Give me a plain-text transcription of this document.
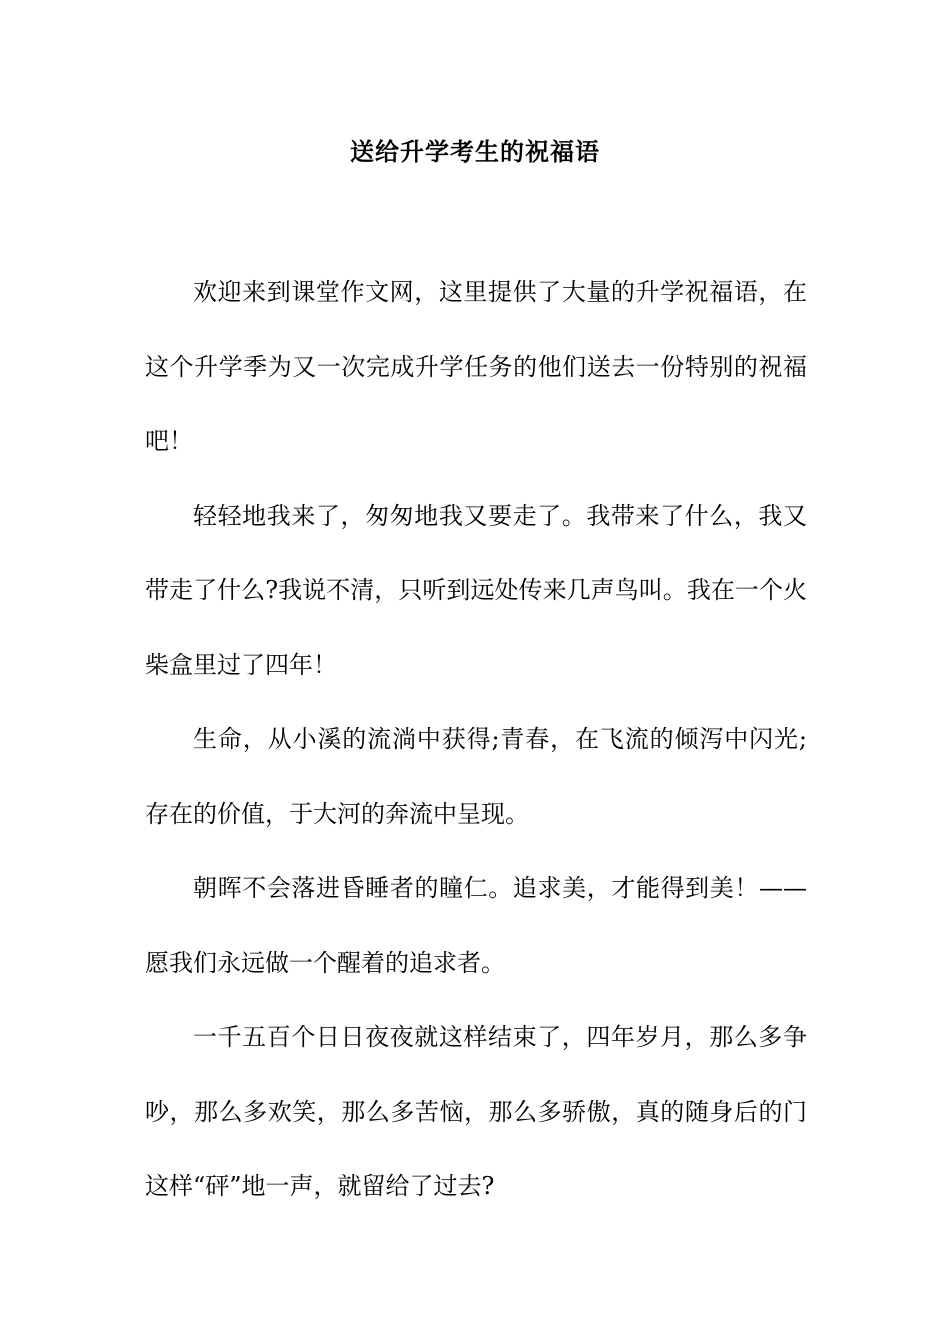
送给升学考生的祝福语

欢迎来到课堂作文网，这里提供了大量的升学祝福语，在这个升学季为又一次完成升学任务的他们送去一份特别的祝福吧！

轻轻地我来了，匆匆地我又要走了。我带来了什么，我又带走了什么?我说不清，只听到远处传来几声鸟叫。我在一个火柴盒里过了四年！

生命，从小溪的流淌中获得;青春，在飞流的倾泻中闪光;存在的价值，于大河的奔流中呈现。

朝晖不会落进昏睡者的瞳仁。追求美，才能得到美！——愿我们永远做一个醒着的追求者。

一千五百个日日夜夜就这样结束了，四年岁月，那么多争吵，那么多欢笑，那么多苦恼，那么多骄傲，真的随身后的门这样“砰”地一声，就留给了过去?
